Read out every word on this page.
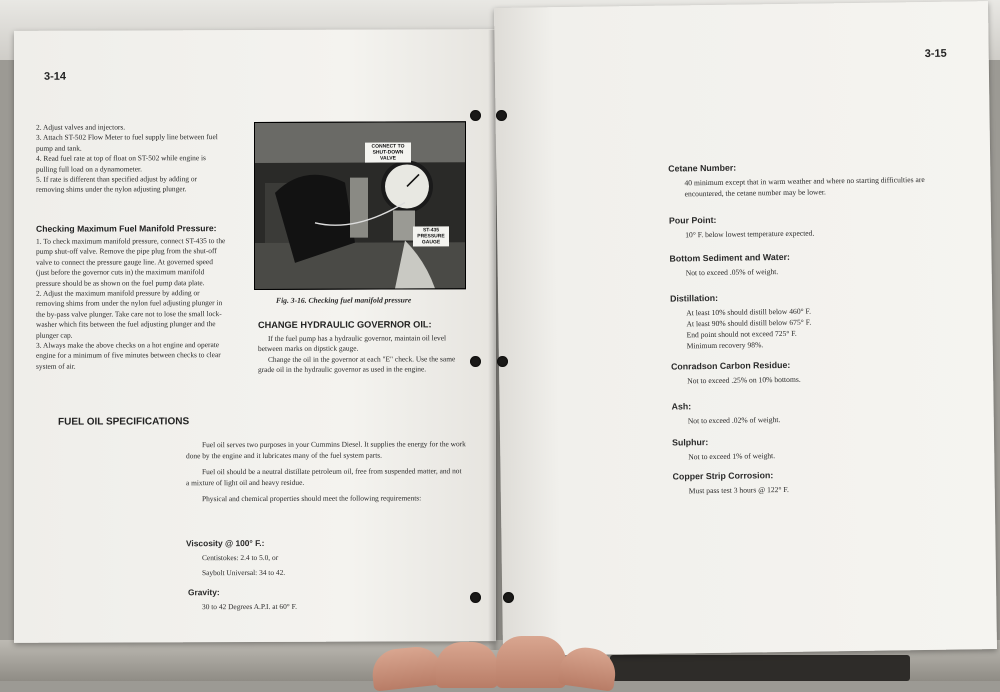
3-14

2. Adjust valves and injectors.

3. Attach ST-502 Flow Meter to fuel supply line between fuel pump and tank.

4. Read fuel rate at top of float on ST-502 while engine is pulling full load on a dynamometer.

5. If rate is different than specified adjust by adding or removing shims under the nylon adjusting plunger.

Checking Maximum Fuel Manifold Pressure:

1. To check maximum manifold pressure, connect ST-435 to the pump shut-off valve. Remove the pipe plug from the shut-off valve to connect the pressure gauge line. At governed speed (just before the governor cuts in) the maximum manifold pressure should be as shown on the fuel pump data plate.

2. Adjust the maximum manifold pressure by adding or removing shims from under the nylon fuel adjusting plunger in the by-pass valve plunger. Take care not to lose the small lock-washer which fits between the fuel adjusting plunger and the plunger cap.

3. Always make the above checks on a hot engine and operate engine for a minimum of five minutes between checks to clear system of air.

CONNECT TO SHUT-DOWN VALVE
ST-435 PRESSURE GAUGE
Fig. 3-16. Checking fuel manifold pressure
CHANGE HYDRAULIC GOVERNOR OIL:

If the fuel pump has a hydraulic governor, maintain oil level between marks on dipstick gauge.

Change the oil in the governor at each "E" check. Use the same grade oil in the hydraulic governor as used in the engine.

FUEL OIL SPECIFICATIONS

Fuel oil serves two purposes in your Cummins Diesel. It supplies the energy for the work done by the engine and it lubricates many of the fuel system parts.

Fuel oil should be a neutral distillate petroleum oil, free from suspended matter, and not a mixture of light oil and heavy residue.

Physical and chemical properties should meet the following requirements:

Viscosity @ 100° F.:
Centistokes: 2.4 to 5.0, or
Saybolt Universal: 34 to 42.
Gravity:
30 to 42 Degrees A.P.I. at 60° F.
3-15
Cetane Number:
40 minimum except that in warm weather and where no starting difficulties are encountered, the cetane number may be lower.
Pour Point:
10° F. below lowest temperature expected.
Bottom Sediment and Water:
Not to exceed .05% of weight.
Distillation:
At least 10% should distill below 460° F.
At least 90% should distill below 675° F.
End point should not exceed 725° F.
Minimum recovery 98%.
Conradson Carbon Residue:
Not to exceed .25% on 10% bottoms.
Ash:
Not to exceed .02% of weight.
Sulphur:
Not to exceed 1% of weight.
Copper Strip Corrosion:
Must pass test 3 hours @ 122° F.
